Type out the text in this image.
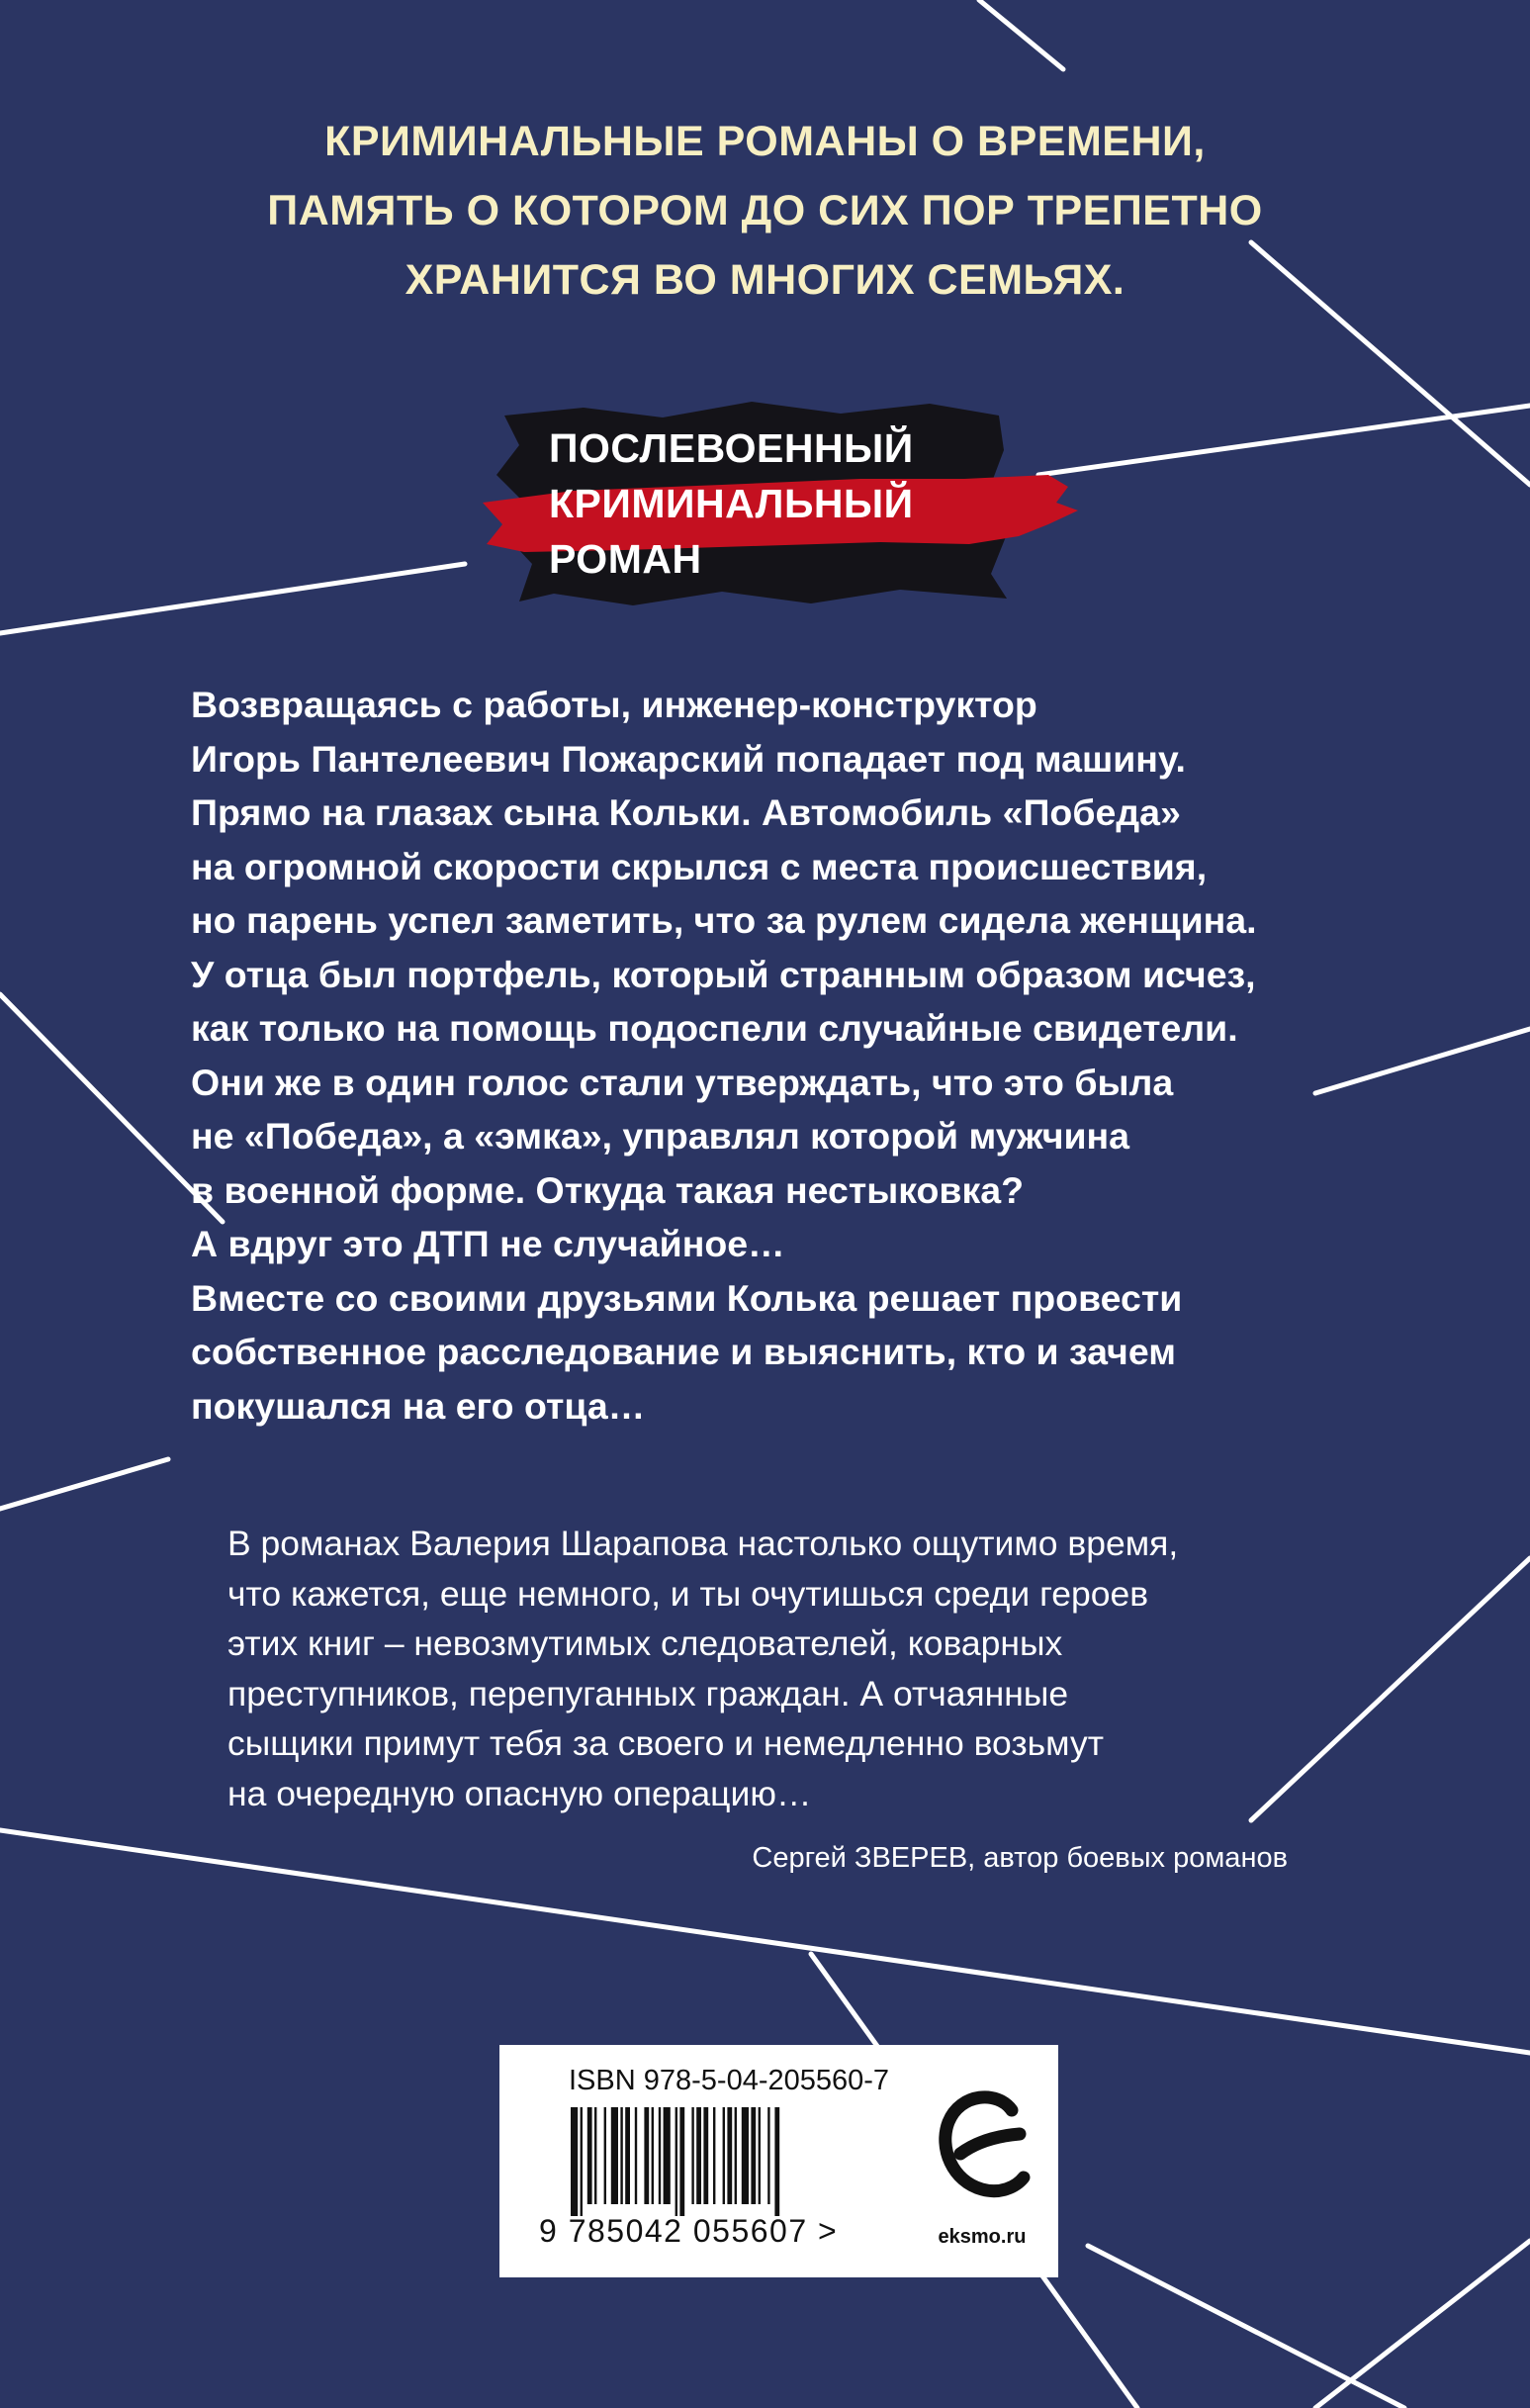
КРИМИНАЛЬНЫЕ РОМАНЫ О ВРЕМЕНИ,
ПАМЯТЬ О КОТОРОМ ДО СИХ ПОР ТРЕПЕТНО
ХРАНИТСЯ ВО МНОГИХ СЕМЬЯХ.
ПОСЛЕВОЕННЫЙ
КРИМИНАЛЬНЫЙ
РОМАН
Возвращаясь с работы, инженер-конструктор
Игорь Пантелеевич Пожарский попадает под машину.
Прямо на глазах сына Кольки. Автомобиль «Победа»
на огромной скорости скрылся с места происшествия,
но парень успел заметить, что за рулем сидела женщина.
У отца был портфель, который странным образом исчез,
как только на помощь подоспели случайные свидетели.
Они же в один голос стали утверждать, что это была
не «Победа», а «эмка», управлял которой мужчина
в военной форме. Откуда такая нестыковка?
А вдруг это ДТП не случайное…
Вместе со своими друзьями Колька решает провести
собственное расследование и выяснить, кто и зачем
покушался на его отца…
В романах Валерия Шарапова настолько ощутимо время,
что кажется, еще немного, и ты очутишься среди героев
этих книг – невозмутимых следователей, коварных
преступников, перепуганных граждан. А отчаянные
сыщики примут тебя за своего и немедленно возьмут
на очередную опасную операцию…
Сергей ЗВЕРЕВ, автор боевых романов
ISBN 978-5-04-205560-7
9 785042 055607 >	eksmo.ru
